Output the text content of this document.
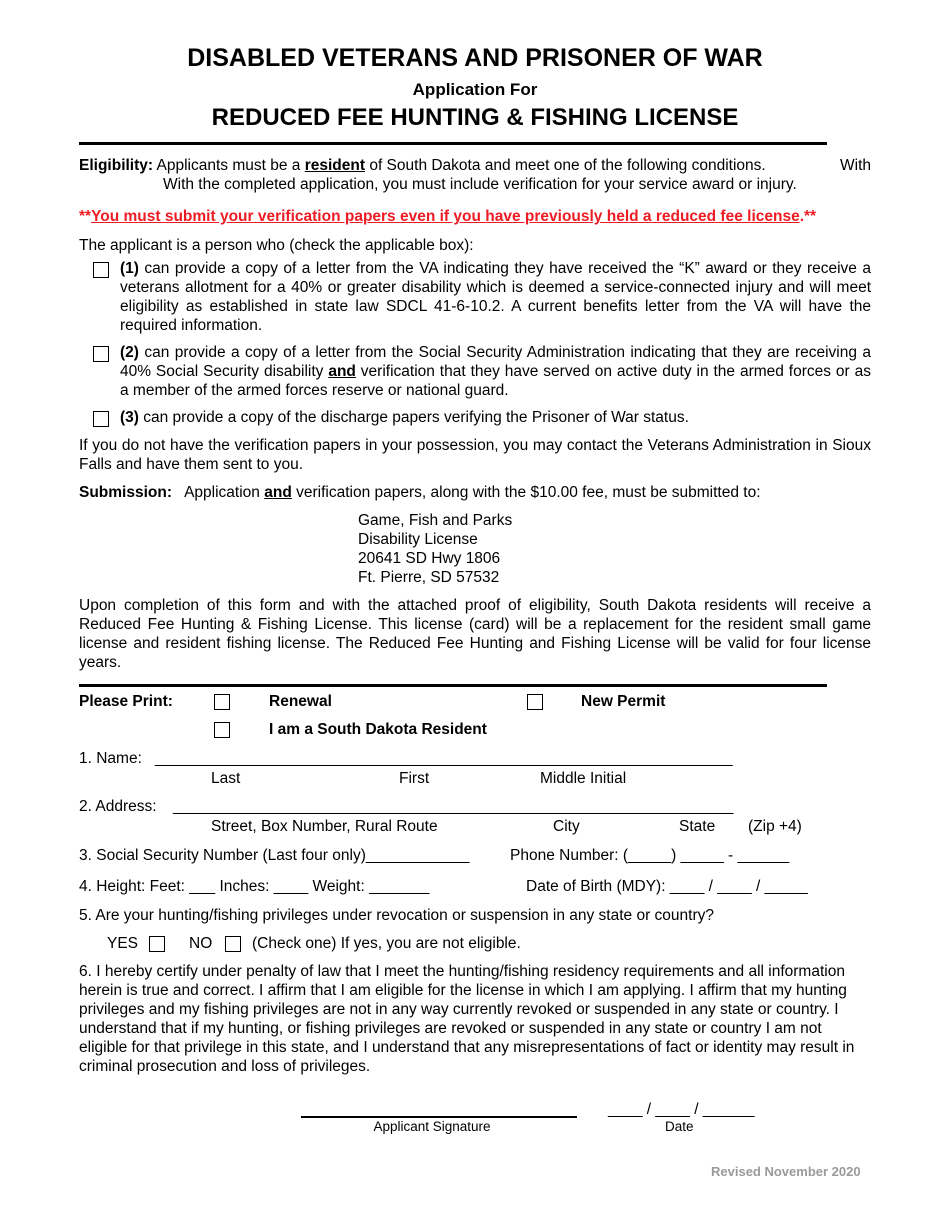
DISABLED VETERANS AND PRISONER OF WAR
Application For
REDUCED FEE HUNTING & FISHING LICENSE
Eligibility: Applicants must be a resident of South Dakota and meet one of the following conditions.	With
With the completed application, you must include verification for your service award or injury.
**You must submit your verification papers even if you have previously held a reduced fee license.**
The applicant is a person who (check the applicable box):
(1) can provide a copy of a letter from the VA indicating they have received the “K” award or they receive a veterans allotment for a 40% or greater disability which is deemed a service-connected injury and will meet eligibility as established in state law SDCL 41-6-10.2. A current benefits letter from the VA will have the required information.
(2) can provide a copy of a letter from the Social Security Administration indicating that they are receiving a 40% Social Security disability and verification that they have served on active duty in the armed forces or as a member of the armed forces reserve or national guard.
(3) can provide a copy of the discharge papers verifying the Prisoner of War status.
If you do not have the verification papers in your possession, you may contact the Veterans Administration in Sioux Falls and have them sent to you.
Submission: Application and verification papers, along with the $10.00 fee, must be submitted to:
Game, Fish and Parks
Disability License
20641 SD Hwy 1806
Ft. Pierre, SD 57532
Upon completion of this form and with the attached proof of eligibility, South Dakota residents will receive a Reduced Fee Hunting & Fishing License. This license (card) will be a replacement for the resident small game license and resident fishing license. The Reduced Fee Hunting and Fishing License will be valid for four license years.
Please Print:	Renewal	New Permit
I am a South Dakota Resident
1. Name: ___________________________________________________________________
Last	First	Middle Initial
2. Address: _________________________________________________________________
Street, Box Number, Rural Route	City	State (Zip +4)
3. Social Security Number (Last four only)____________	Phone Number: (_____) _____ - ______
4. Height: Feet: ___ Inches: ____ Weight: _______	Date of Birth (MDY): ____ / ____ / _____
5. Are your hunting/fishing privileges under revocation or suspension in any state or country?
YES	NO	(Check one) If yes, you are not eligible.
6. I hereby certify under penalty of law that I meet the hunting/fishing residency requirements and all information herein is true and correct. I affirm that I am eligible for the license in which I am applying. I affirm that my hunting privileges and my fishing privileges are not in any way currently revoked or suspended in any state or country. I understand that if my hunting, or fishing privileges are revoked or suspended in any state or country I am not eligible for that privilege in this state, and I understand that any misrepresentations of fact or identity may result in criminal prosecution and loss of privileges.
____ / ____ / ______
Applicant Signature	Date
Revised November 2020
